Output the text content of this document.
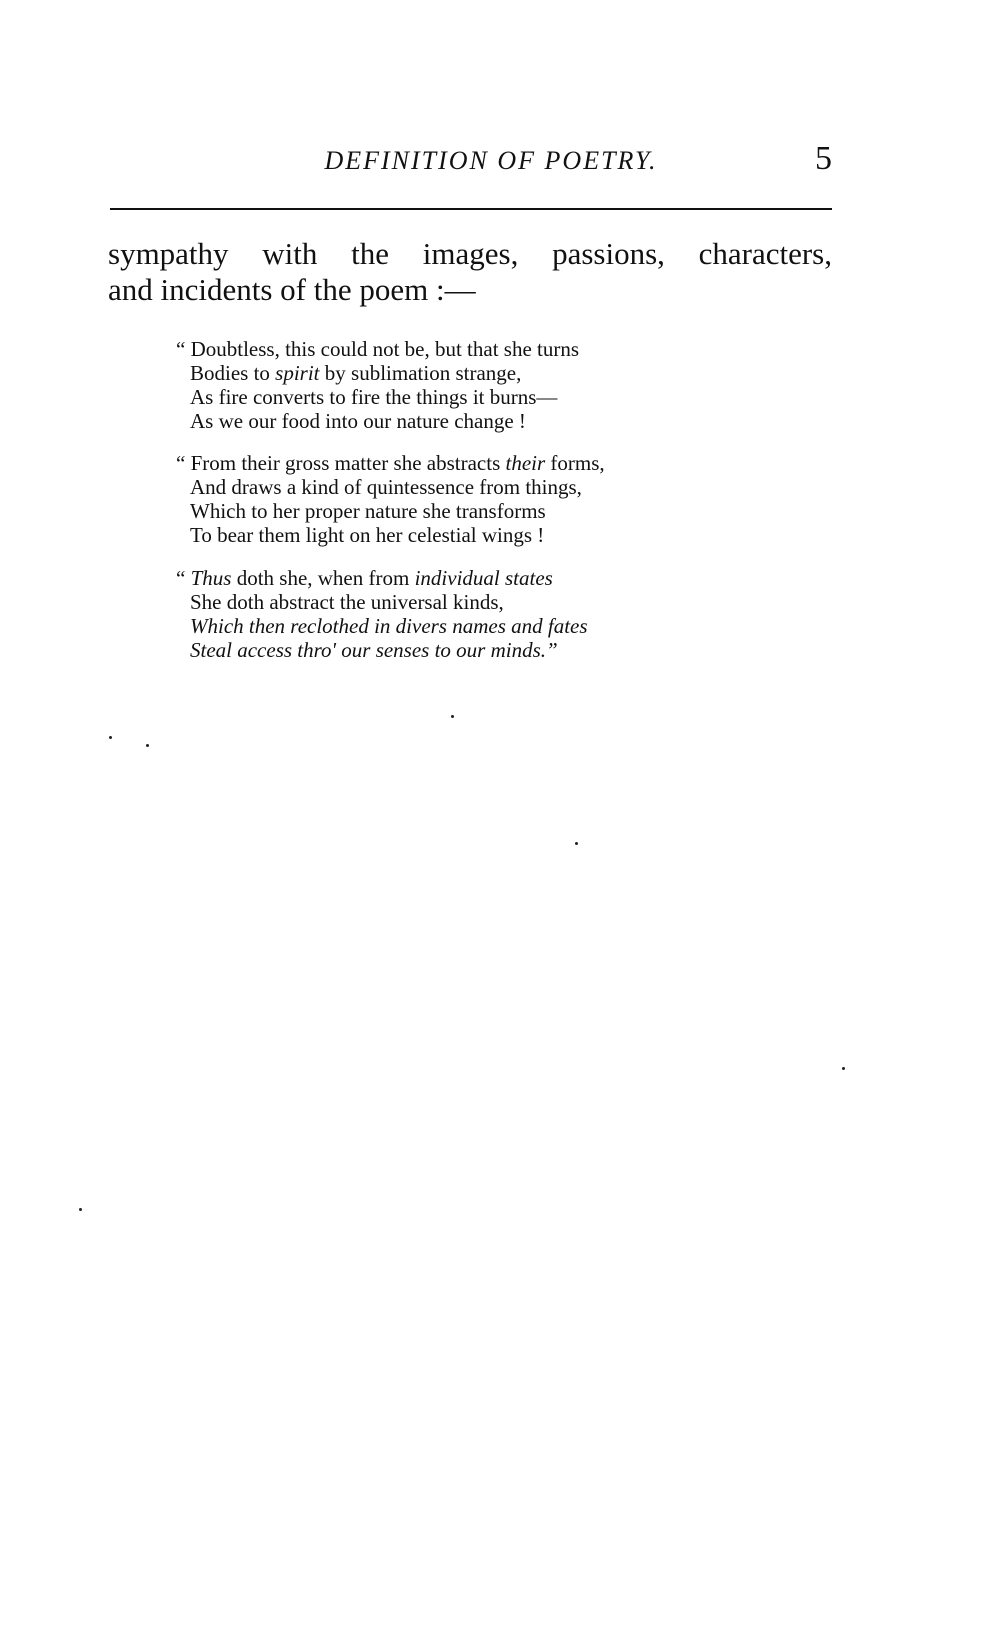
DEFINITION OF POETRY.	5
sympathy with the images, passions, characters,
and incidents of the poem :—
“ Doubtless, this could not be, but that she turns
Bodies to spirit by sublimation strange,
As fire converts to fire the things it burns—
As we our food into our nature change !
“ From their gross matter she abstracts their forms,
And draws a kind of quintessence from things,
Which to her proper nature she transforms
To bear them light on her celestial wings !
“ Thus doth she, when from individual states
She doth abstract the universal kinds,
Which then reclothed in divers names and fates
Steal access thro' our senses to our minds.”
